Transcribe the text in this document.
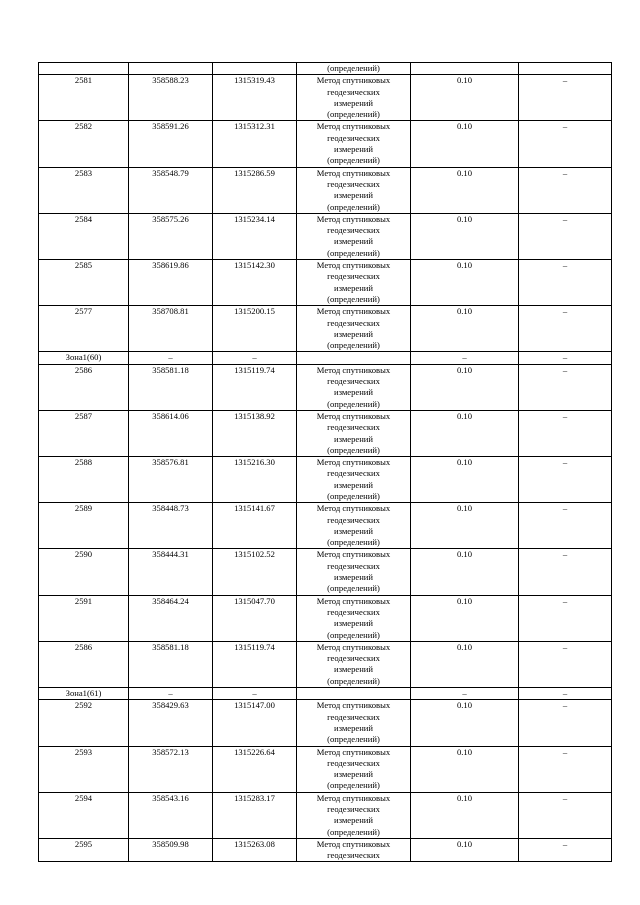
			(определений)		
2581	358588.23	1315319.43	Метод спутниковых
геодезических
измерений
(определений)	0.10	–
2582	358591.26	1315312.31	Метод спутниковых
геодезических
измерений
(определений)	0.10	–
2583	358548.79	1315286.59	Метод спутниковых
геодезических
измерений
(определений)	0.10	–
2584	358575.26	1315234.14	Метод спутниковых
геодезических
измерений
(определений)	0.10	–
2585	358619.86	1315142.30	Метод спутниковых
геодезических
измерений
(определений)	0.10	–
2577	358708.81	1315200.15	Метод спутниковых
геодезических
измерений
(определений)	0.10	–
Зона1(60)	–	–		–	–
2586	358581.18	1315119.74	Метод спутниковых
геодезических
измерений
(определений)	0.10	–
2587	358614.06	1315138.92	Метод спутниковых
геодезических
измерений
(определений)	0.10	–
2588	358576.81	1315216.30	Метод спутниковых
геодезических
измерений
(определений)	0.10	–
2589	358448.73	1315141.67	Метод спутниковых
геодезических
измерений
(определений)	0.10	–
2590	358444.31	1315102.52	Метод спутниковых
геодезических
измерений
(определений)	0.10	–
2591	358464.24	1315047.70	Метод спутниковых
геодезических
измерений
(определений)	0.10	–
2586	358581.18	1315119.74	Метод спутниковых
геодезических
измерений
(определений)	0.10	–
Зона1(61)	–	–		–	–
2592	358429.63	1315147.00	Метод спутниковых
геодезических
измерений
(определений)	0.10	–
2593	358572.13	1315226.64	Метод спутниковых
геодезических
измерений
(определений)	0.10	–
2594	358543.16	1315283.17	Метод спутниковых
геодезических
измерений
(определений)	0.10	–
2595	358509.98	1315263.08	Метод спутниковых
геодезических	0.10	–
